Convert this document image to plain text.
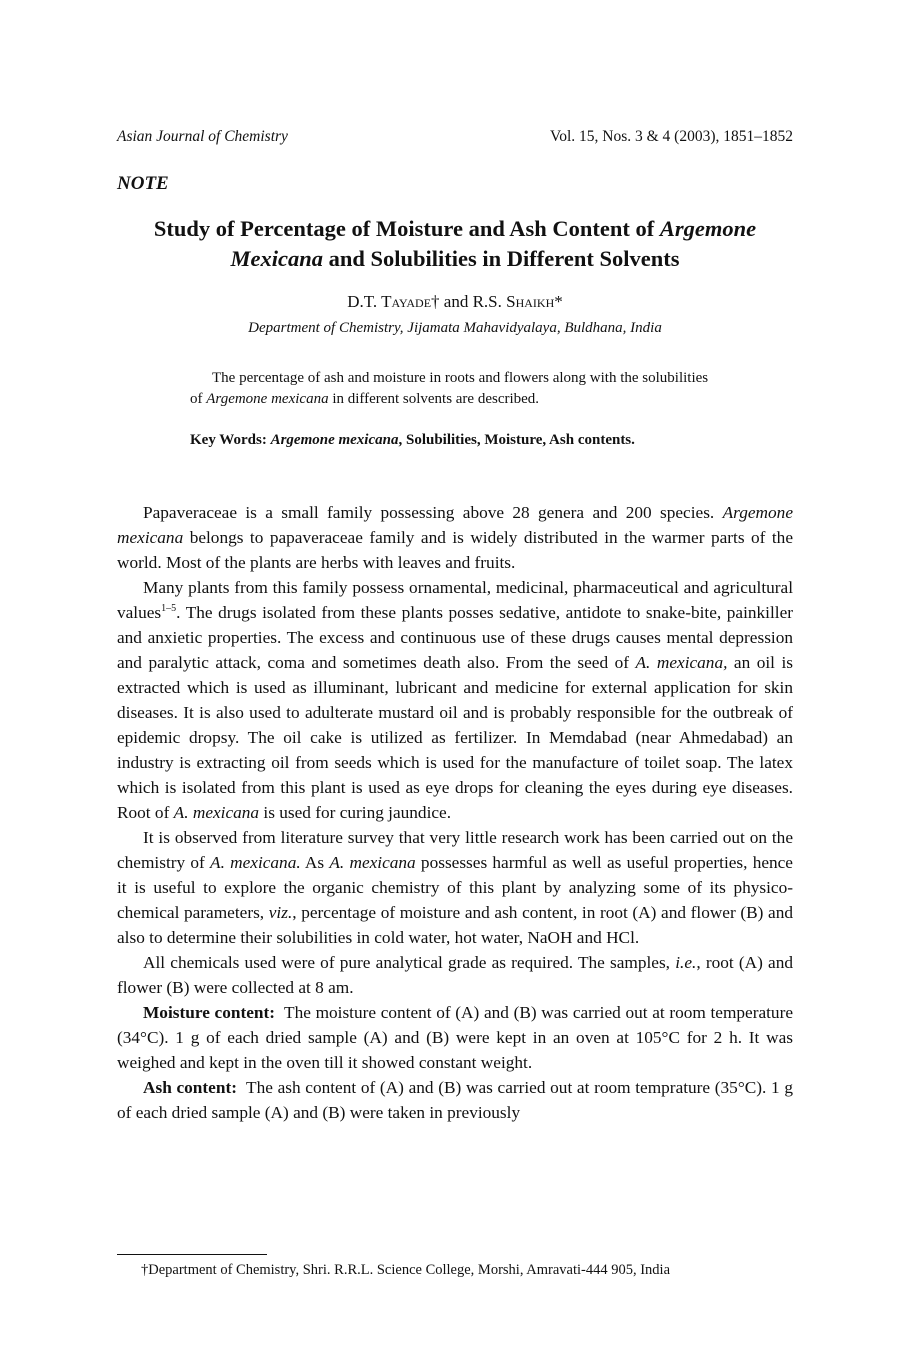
Asian Journal of Chemistry	Vol. 15, Nos. 3 & 4 (2003), 1851–1852
NOTE
Study of Percentage of Moisture and Ash Content of Argemone Mexicana and Solubilities in Different Solvents
D.T. Tayade† and R.S. Shaikh*
Department of Chemistry, Jijamata Mahavidyalaya, Buldhana, India
The percentage of ash and moisture in roots and flowers along with the solubilities of Argemone mexicana in different solvents are described.
Key Words: Argemone mexicana, Solubilities, Moisture, Ash contents.

Papaveraceae is a small family possessing above 28 genera and 200 species. Argemone mexicana belongs to papaveraceae family and is widely distributed in the warmer parts of the world. Most of the plants are herbs with leaves and fruits.

Many plants from this family possess ornamental, medicinal, pharmaceutical and agricultural values$^{1-5}$. The drugs isolated from these plants posses sedative, antidote to snake-bite, painkiller and anxietic properties. The excess and continuous use of these drugs causes mental depression and paralytic attack, coma and sometimes death also. From the seed of A. mexicana, an oil is extracted which is used as illuminant, lubricant and medicine for external application for skin diseases. It is also used to adulterate mustard oil and is probably responsible for the outbreak of epidemic dropsy. The oil cake is utilized as fertilizer. In Memdabad (near Ahmedabad) an industry is extracting oil from seeds which is used for the manufacture of toilet soap. The latex which is isolated from this plant is used as eye drops for cleaning the eyes during eye diseases. Root of A. mexicana is used for curing jaundice.

It is observed from literature survey that very little research work has been carried out on the chemistry of A. mexicana. As A. mexicana possesses harmful as well as useful properties, hence it is useful to explore the organic chemistry of this plant by analyzing some of its physico-chemical parameters, viz., percentage of moisture and ash content, in root (A) and flower (B) and also to determine their solubilities in cold water, hot water, NaOH and HCl.

All chemicals used were of pure analytical grade as required. The samples, i.e., root (A) and flower (B) were collected at 8 am.

Moisture content:  The moisture content of (A) and (B) was carried out at room temperature (34°C). 1 g of each dried sample (A) and (B) were kept in an oven at 105°C for 2 h. It was weighed and kept in the oven till it showed constant weight.

Ash content:  The ash content of (A) and (B) was carried out at room temprature (35°C). 1 g of each dried sample (A) and (B) were taken in previously

†Department of Chemistry, Shri. R.R.L. Science College, Morshi, Amravati-444 905, India
